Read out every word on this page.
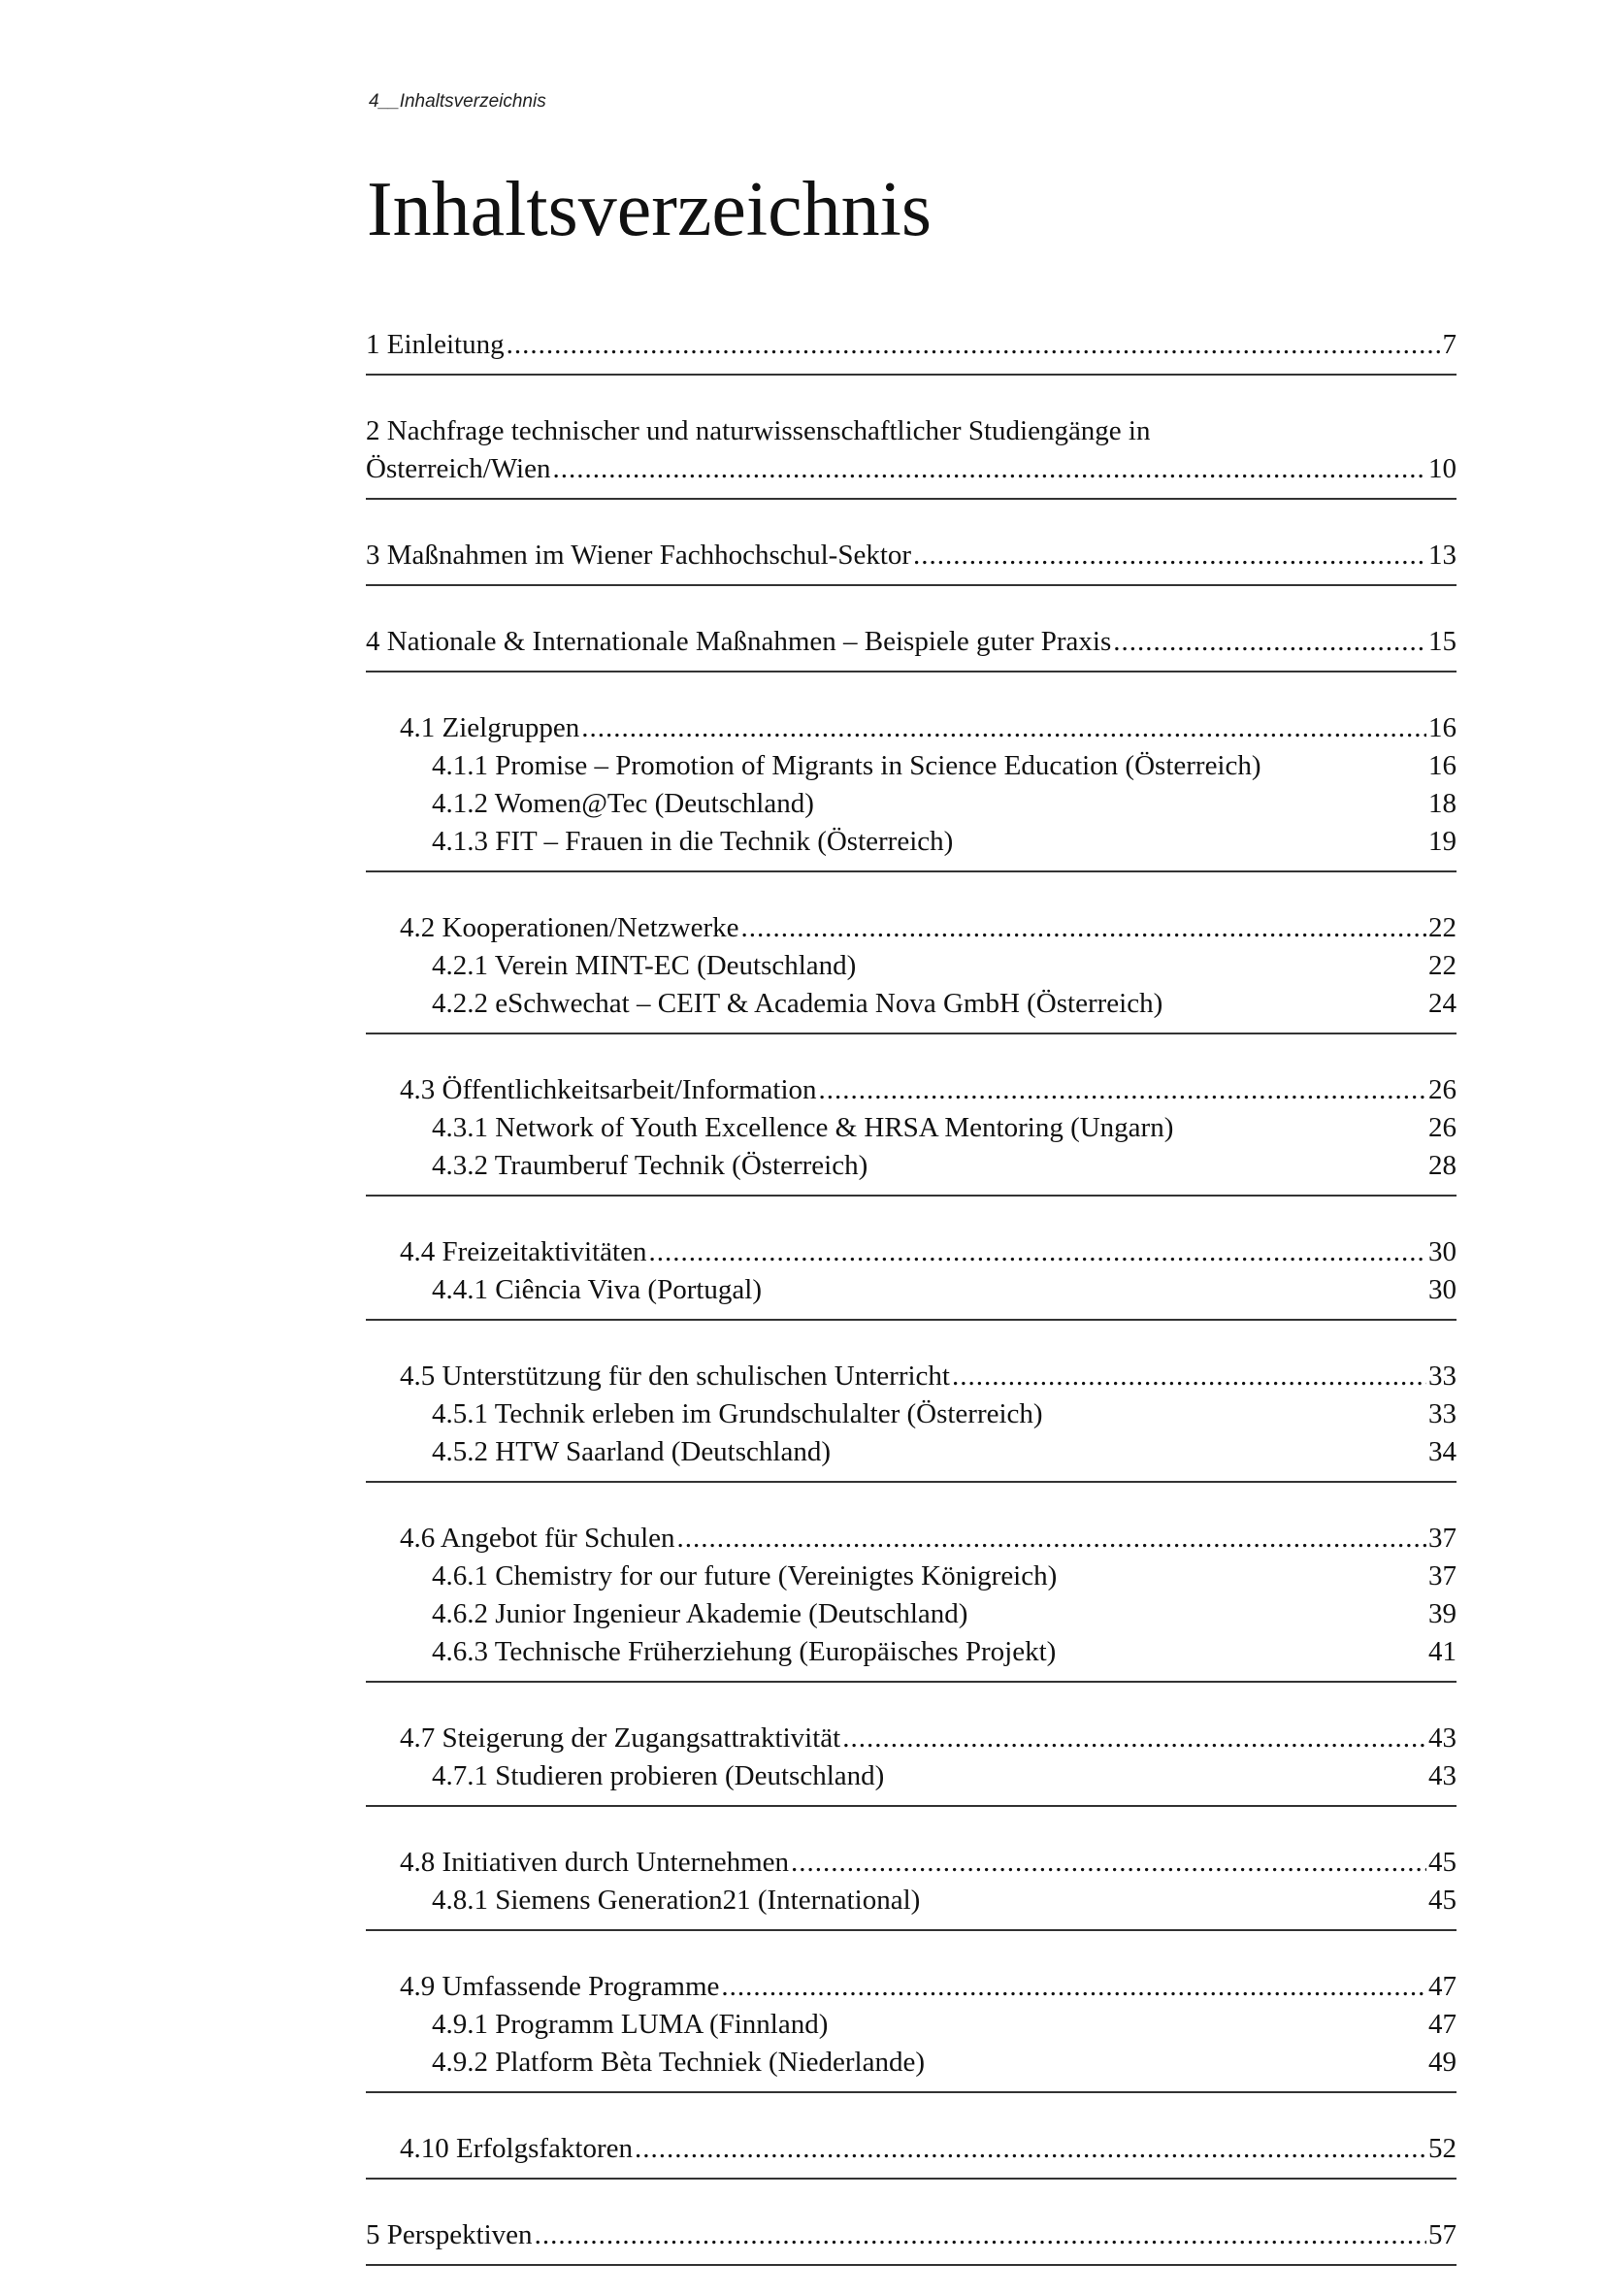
4__Inhaltsverzeichnis
Inhaltsverzeichnis
1 Einleitung .....	7
2 Nachfrage technischer und naturwissenschaftlicher Studiengänge in
Österreich/Wien .....	10
3 Maßnahmen im Wiener Fachhochschul-Sektor .....	13
4 Nationale & Internationale Maßnahmen – Beispiele guter Praxis .....	15
4.1 Zielgruppen .....	16
4.1.1 Promise – Promotion of Migrants in Science Education (Österreich)	16
4.1.2 Women@Tec (Deutschland)	18
4.1.3 FIT – Frauen in die Technik (Österreich)	19
4.2 Kooperationen/Netzwerke .....	22
4.2.1 Verein MINT-EC (Deutschland)	22
4.2.2 eSchwechat – CEIT & Academia Nova GmbH (Österreich)	24
4.3 Öffentlichkeitsarbeit/Information .....	26
4.3.1 Network of Youth Excellence & HRSA Mentoring (Ungarn)	26
4.3.2 Traumberuf Technik (Österreich)	28
4.4 Freizeitaktivitäten .....	30
4.4.1 Ciência Viva (Portugal)	30
4.5 Unterstützung für den schulischen Unterricht .....	33
4.5.1 Technik erleben im Grundschulalter (Österreich)	33
4.5.2 HTW Saarland (Deutschland)	34
4.6 Angebot für Schulen .....	37
4.6.1 Chemistry for our future (Vereinigtes Königreich)	37
4.6.2 Junior Ingenieur Akademie (Deutschland)	39
4.6.3 Technische Früherziehung (Europäisches Projekt)	41
4.7 Steigerung der Zugangsattraktivität .....	43
4.7.1 Studieren probieren (Deutschland)	43
4.8 Initiativen durch Unternehmen .....	45
4.8.1 Siemens Generation21 (International)	45
4.9 Umfassende Programme .....	47
4.9.1 Programm LUMA (Finnland)	47
4.9.2 Platform Bèta Techniek (Niederlande)	49
4.10 Erfolgsfaktoren .....	52
5 Perspektiven .....	57
